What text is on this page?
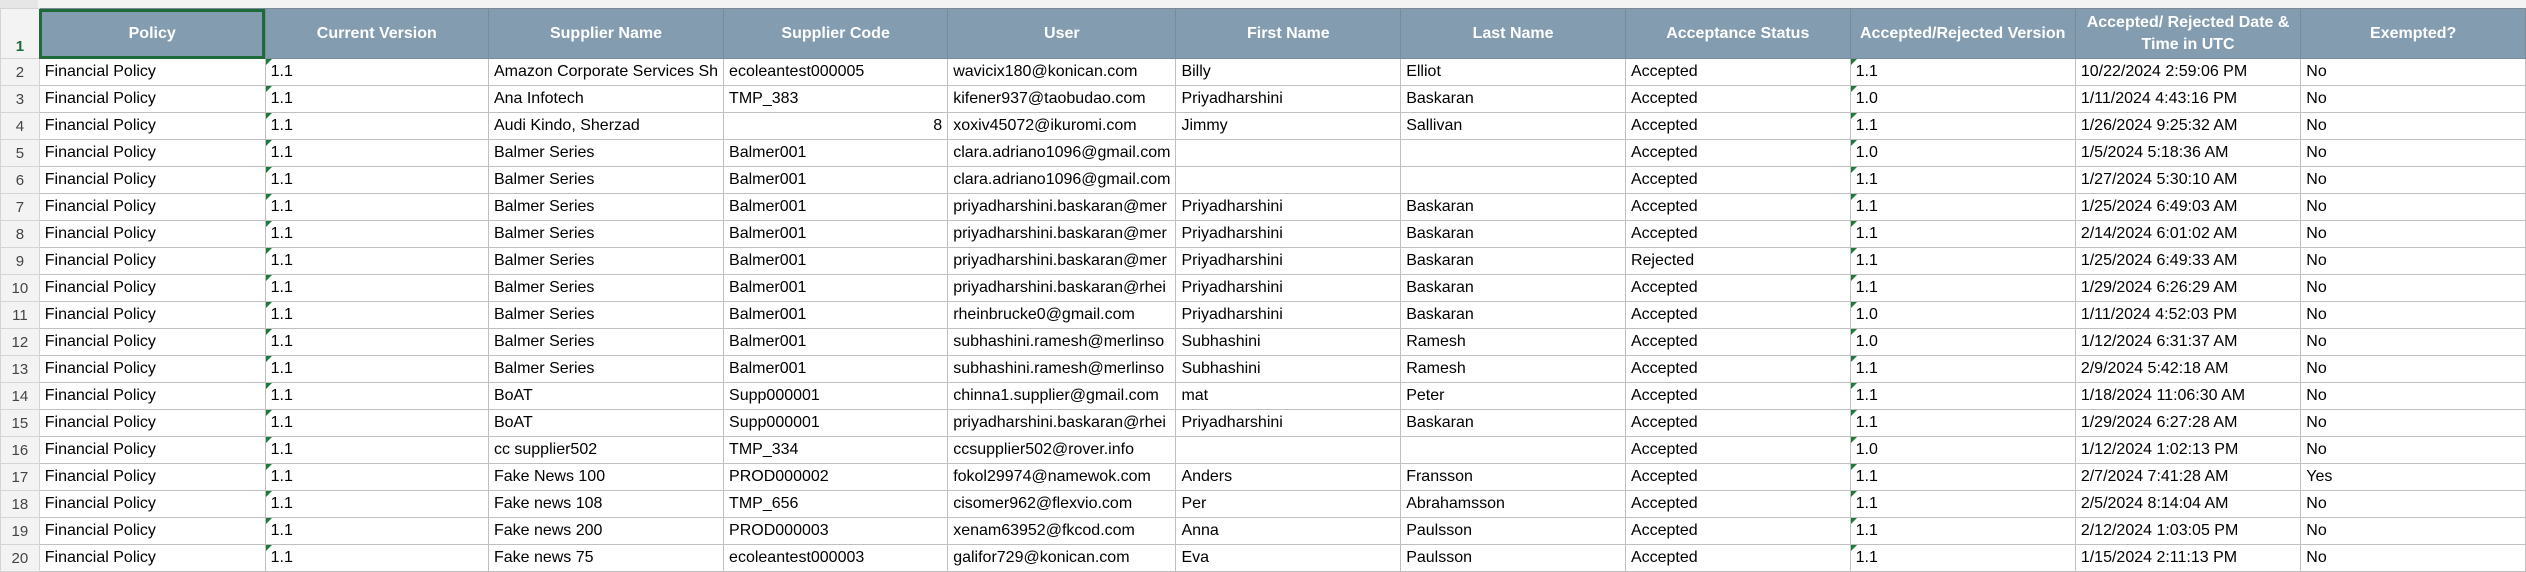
1	Policy	Current Version	Supplier Name	Supplier Code	User	First Name	Last Name	Acceptance Status	Accepted/Rejected Version	Accepted/ Rejected Date & Time in UTC	Exempted?
2	Financial Policy	1.1	Amazon Corporate Services Sh	ecoleantest000005	wavicix180@konican.com	Billy	Elliot	Accepted	1.1	10/22/2024 2:59:06 PM	No
3	Financial Policy	1.1	Ana Infotech	TMP_383	kifener937@taobudao.com	Priyadharshini	Baskaran	Accepted	1.0	1/11/2024 4:43:16 PM	No
4	Financial Policy	1.1	Audi Kindo, Sherzad	8	xoxiv45072@ikuromi.com	Jimmy	Sallivan	Accepted	1.1	1/26/2024 9:25:32 AM	No
5	Financial Policy	1.1	Balmer Series	Balmer001	clara.adriano1096@gmail.com			Accepted	1.0	1/5/2024 5:18:36 AM	No
6	Financial Policy	1.1	Balmer Series	Balmer001	clara.adriano1096@gmail.com			Accepted	1.1	1/27/2024 5:30:10 AM	No
7	Financial Policy	1.1	Balmer Series	Balmer001	priyadharshini.baskaran@mer	Priyadharshini	Baskaran	Accepted	1.1	1/25/2024 6:49:03 AM	No
8	Financial Policy	1.1	Balmer Series	Balmer001	priyadharshini.baskaran@mer	Priyadharshini	Baskaran	Accepted	1.1	2/14/2024 6:01:02 AM	No
9	Financial Policy	1.1	Balmer Series	Balmer001	priyadharshini.baskaran@mer	Priyadharshini	Baskaran	Rejected	1.1	1/25/2024 6:49:33 AM	No
10	Financial Policy	1.1	Balmer Series	Balmer001	priyadharshini.baskaran@rhei	Priyadharshini	Baskaran	Accepted	1.1	1/29/2024 6:26:29 AM	No
11	Financial Policy	1.1	Balmer Series	Balmer001	rheinbrucke0@gmail.com	Priyadharshini	Baskaran	Accepted	1.0	1/11/2024 4:52:03 PM	No
12	Financial Policy	1.1	Balmer Series	Balmer001	subhashini.ramesh@merlinso	Subhashini	Ramesh	Accepted	1.0	1/12/2024 6:31:37 AM	No
13	Financial Policy	1.1	Balmer Series	Balmer001	subhashini.ramesh@merlinso	Subhashini	Ramesh	Accepted	1.1	2/9/2024 5:42:18 AM	No
14	Financial Policy	1.1	BoAT	Supp000001	chinna1.supplier@gmail.com	mat	Peter	Accepted	1.1	1/18/2024 11:06:30 AM	No
15	Financial Policy	1.1	BoAT	Supp000001	priyadharshini.baskaran@rhei	Priyadharshini	Baskaran	Accepted	1.1	1/29/2024 6:27:28 AM	No
16	Financial Policy	1.1	cc supplier502	TMP_334	ccsupplier502@rover.info			Accepted	1.0	1/12/2024 1:02:13 PM	No
17	Financial Policy	1.1	Fake News 100	PROD000002	fokol29974@namewok.com	Anders	Fransson	Accepted	1.1	2/7/2024 7:41:28 AM	Yes
18	Financial Policy	1.1	Fake news 108	TMP_656	cisomer962@flexvio.com	Per	Abrahamsson	Accepted	1.1	2/5/2024 8:14:04 AM	No
19	Financial Policy	1.1	Fake news 200	PROD000003	xenam63952@fkcod.com	Anna	Paulsson	Accepted	1.1	2/12/2024 1:03:05 PM	No
20	Financial Policy	1.1	Fake news 75	ecoleantest000003	galifor729@konican.com	Eva	Paulsson	Accepted	1.1	1/15/2024 2:11:13 PM	No
